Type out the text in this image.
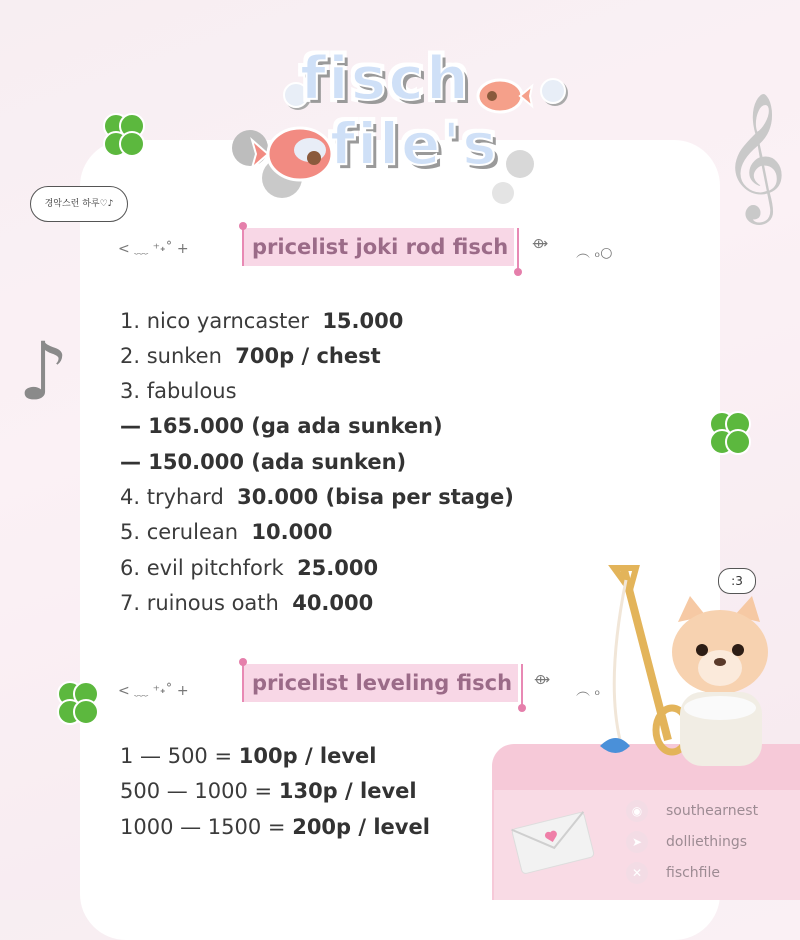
fisch
file's 𝄞
♪
경악스런 하루♡♪
< ﹏ ⁺˖˚ +	⟴
︵ ₒ○
pricelist joki rod fisch
1. nico yarncaster 15.000
2. sunken 700p / chest
3. fabulous
— 165.000 (ga ada sunken)
— 150.000 (ada sunken)
4. tryhard 30.000 (bisa per stage)
5. cerulean 10.000
6. evil pitchfork 25.000
7. ruinous oath 40.000
< ﹏ ⁺˖˚ +
⟴
︵ ₒ
pricelist leveling fisch
1 — 500 = 100p / level
500 — 1000 = 130p / level
1000 — 1500 = 200p / level
:3
◉ southearnest
➤ dolliethings
✕ fischfile
